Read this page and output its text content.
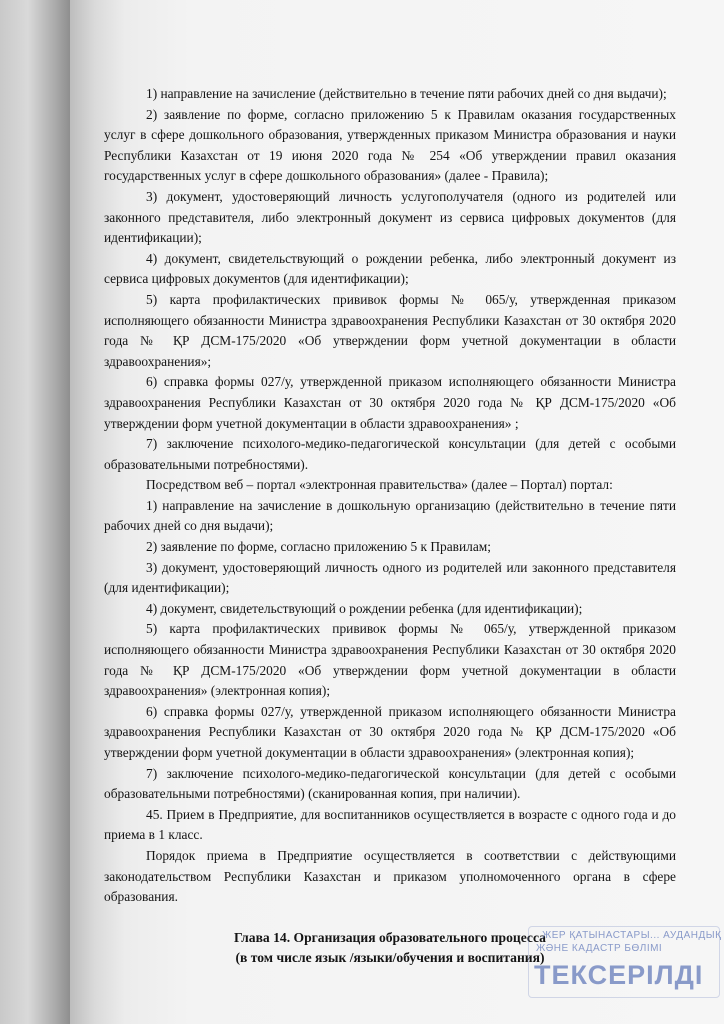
1) направление на зачисление (действительно в течение пяти рабочих дней со дня выдачи);

2) заявление по форме, согласно приложению 5 к Правилам оказания государственных услуг в сфере дошкольного образования, утвержденных приказом Министра образования и науки Республики Казахстан от 19 июня 2020 года № 254 «Об утверждении правил оказания государственных услуг в сфере дошкольного образования» (далее - Правила);

3) документ, удостоверяющий личность услугополучателя (одного из родителей или законного представителя, либо электронный документ из сервиса цифровых документов (для идентификации);

4) документ, свидетельствующий о рождении ребенка, либо электронный документ из сервиса цифровых документов (для идентификации);

5) карта профилактических прививок формы № 065/у, утвержденная приказом исполняющего обязанности Министра здравоохранения Республики Казахстан от 30 октября 2020 года № ҚР ДСМ-175/2020 «Об утверждении форм учетной документации в области здравоохранения»;

6) справка формы 027/у, утвержденной приказом исполняющего обязанности Министра здравоохранения Республики Казахстан от 30 октября 2020 года № ҚР ДСМ-175/2020 «Об утверждении форм учетной документации в области здравоохранения» ;

7) заключение психолого-медико-педагогической консультации (для детей с особыми образовательными потребностями).

Посредством веб – портал «электронная правительства» (далее – Портал) портал:

1) направление на зачисление в дошкольную организацию (действительно в течение пяти рабочих дней со дня выдачи);

2) заявление по форме, согласно приложению 5 к Правилам;

3) документ, удостоверяющий личность одного из родителей или законного представителя (для идентификации);

4) документ, свидетельствующий о рождении ребенка (для идентификации);

5) карта профилактических прививок формы № 065/у, утвержденной приказом исполняющего обязанности Министра здравоохранения Республики Казахстан от 30 октября 2020 года № ҚР ДСМ-175/2020 «Об утверждении форм учетной документации в области здравоохранения» (электронная копия);

6) справка формы 027/у, утвержденной приказом исполняющего обязанности Министра здравоохранения Республики Казахстан от 30 октября 2020 года № ҚР ДСМ-175/2020 «Об утверждении форм учетной документации в области здравоохранения» (электронная копия);

7) заключение психолого-медико-педагогической консультации (для детей с особыми образовательными потребностями) (сканированная копия, при наличии).

45. Прием в Предприятие, для воспитанников осуществляется в возрасте с одного года и до приема в 1 класс.

Порядок приема в Предприятие осуществляется в соответствии с действующими законодательством Республики Казахстан и приказом уполномоченного органа в сфере образования.

Глава 14. Организация образовательного процесса
(в том числе язык /языки/обучения и воспитания)
ЖЕР ҚАТЫНАСТАРЫ... АУДАНДЫҚ
ЖӘНЕ КАДАСТР БӨЛІМІ
ТЕКСЕРІЛДІ
